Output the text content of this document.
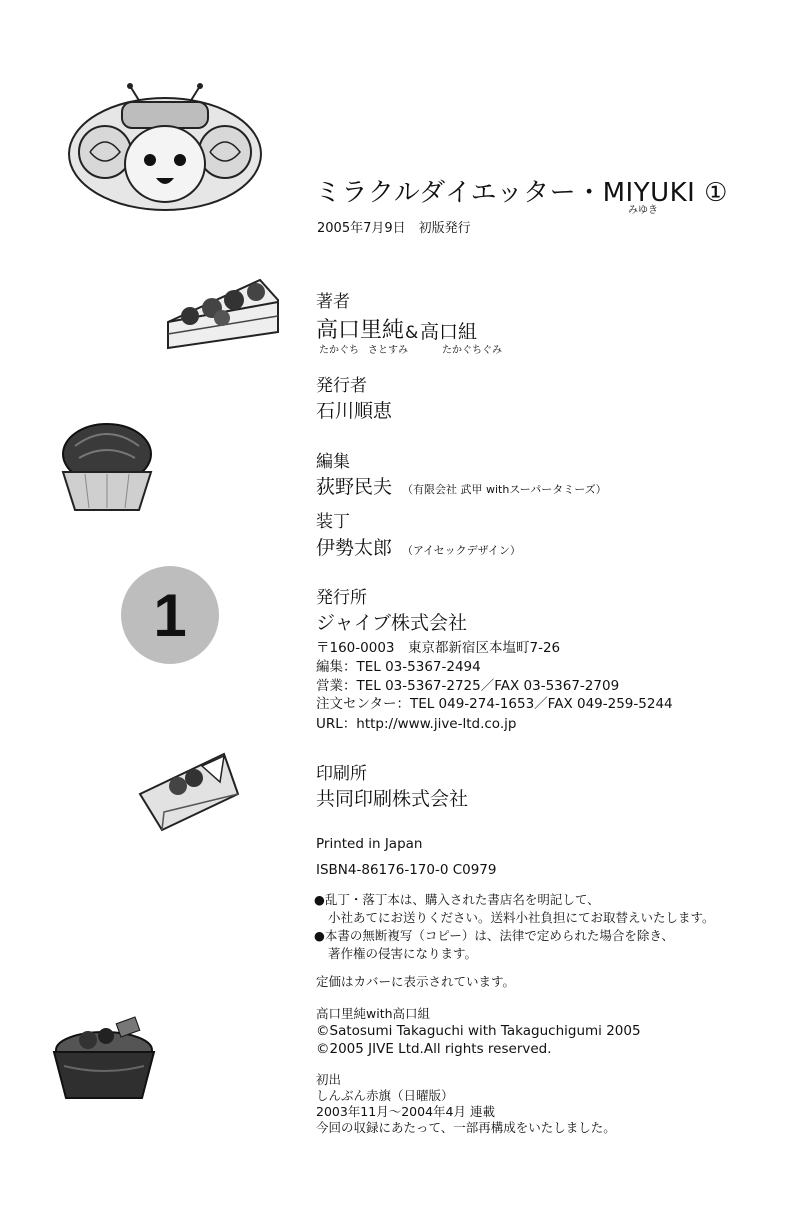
1
ミラクルダイエッター・MIYUKI ①
みゆき
2005年7月9日　初版発行
著者
高口里純 & 高口組
たかぐち さとすみ	たかぐちぐみ
発行者
石川順恵
編集
荻野民夫 （有限会社 武甲 withスーパータミーズ）
装丁
伊勢太郎 （アイセックデザイン）
発行所
ジャイブ株式会社
〒160-0003　東京都新宿区本塩町7-26
編集：TEL 03-5367-2494
営業：TEL 03-5367-2725／FAX 03-5367-2709
注文センター：TEL 049-274-1653／FAX 049-259-5244
URL：http://www.jive-ltd.co.jp
印刷所
共同印刷株式会社
Printed in Japan
ISBN4-86176-170-0 C0979
●乱丁・落丁本は、購入された書店名を明記して、
小社あてにお送りください。送料小社負担にてお取替えいたします。
●本書の無断複写（コピー）は、法律で定められた場合を除き、
著作権の侵害になります。
定価はカバーに表示されています。
高口里純with高口組
©Satosumi Takaguchi with Takaguchigumi 2005
©2005 JIVE Ltd.All rights reserved.
初出
しんぶん赤旗（日曜版）
2003年11月～2004年4月 連載
今回の収録にあたって、一部再構成をいたしました。
